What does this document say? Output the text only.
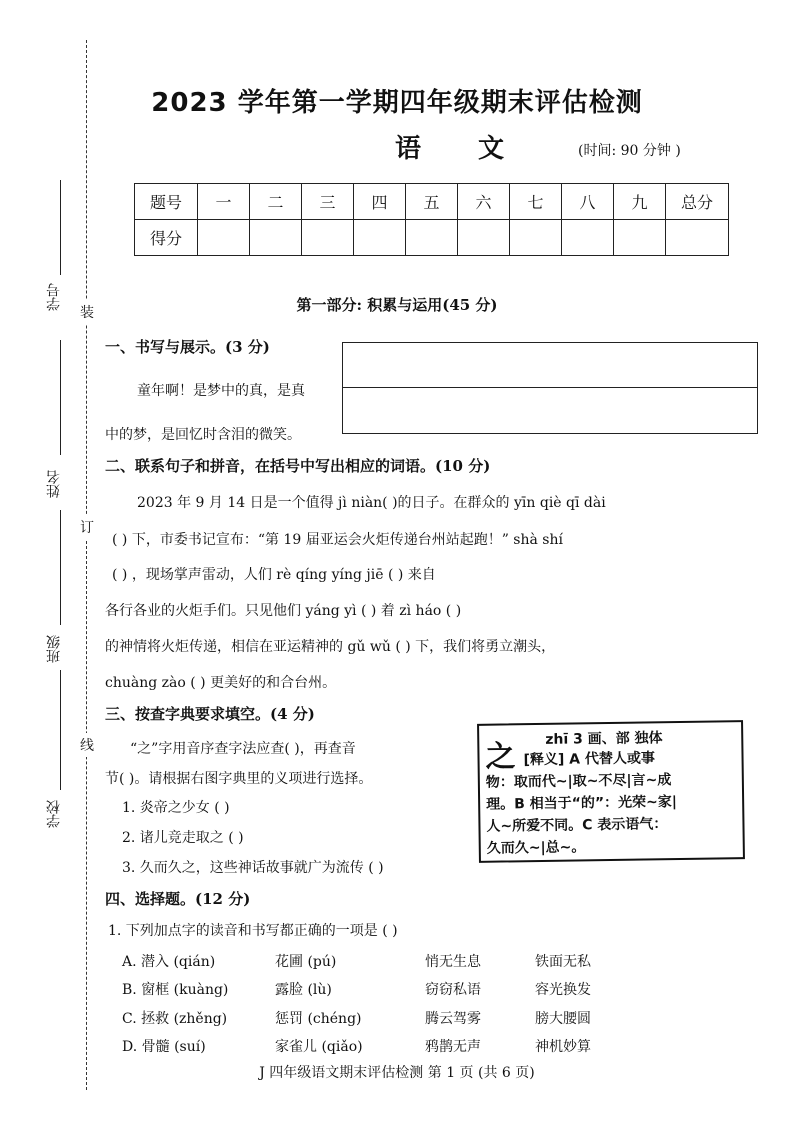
装
订
线
学号
姓名
班级
学校
2023 学年第一学期四年级期末评估检测
语 文	(时间: 90 分钟 )
题号	一	二	三	四	五	六	七	八	九	总分
得分										
第一部分: 积累与运用(45 分)
一、书写与展示。(3 分)
童年啊！是梦中的真，是真
中的梦，是回忆时含泪的微笑。
二、联系句子和拼音，在括号中写出相应的词语。(10 分)
2023 年 9 月 14 日是一个值得 jì niàn( )的日子。在群众的 yīn qiè qī dài
( ) 下，市委书记宣布：“第 19 届亚运会火炬传递台州站起跑！” shà shí
( ) ，现场掌声雷动，人们 rè qíng yíng jiē ( ) 来自
各行各业的火炬手们。只见他们 yáng yì ( ) 着 zì háo ( )
的神情将火炬传递，相信在亚运精神的 gǔ wǔ ( ) 下，我们将勇立潮头，
chuàng zào ( ) 更美好的和合台州。
三、按查字典要求填空。(4 分)
“之”字用音序查字法应查( )，再查音
节( )。请根据右图字典里的义项进行选择。
1. 炎帝之少女 ( )
2. 诸儿竞走取之 ( )
3. 久而久之，这些神话故事就广为流传 ( )
之
zhī 3 画、部 独体
[释义] A 代替人或事
物：取而代~|取~不尽|言~成
理。B 相当于“的”：光荣~家|
人~所爱不同。C 表示语气：
久而久~|总~。
四、选择题。(12 分)
1. 下列加点字的读音和书写都正确的一项是 ( )
A. 潜入 (qián)	花圃 (pú)	悄无生息	铁面无私
B. 窗框 (kuàng)	露脸 (lù)	窃窃私语	容光换发
C. 拯救 (zhěng)	惩罚 (chéng)	腾云驾雾	膀大腰圆
D. 骨髓 (suí)	家雀儿 (qiǎo)	鸦鹊无声	神机妙算
J 四年级语文期末评估检测 第 1 页 (共 6 页)
